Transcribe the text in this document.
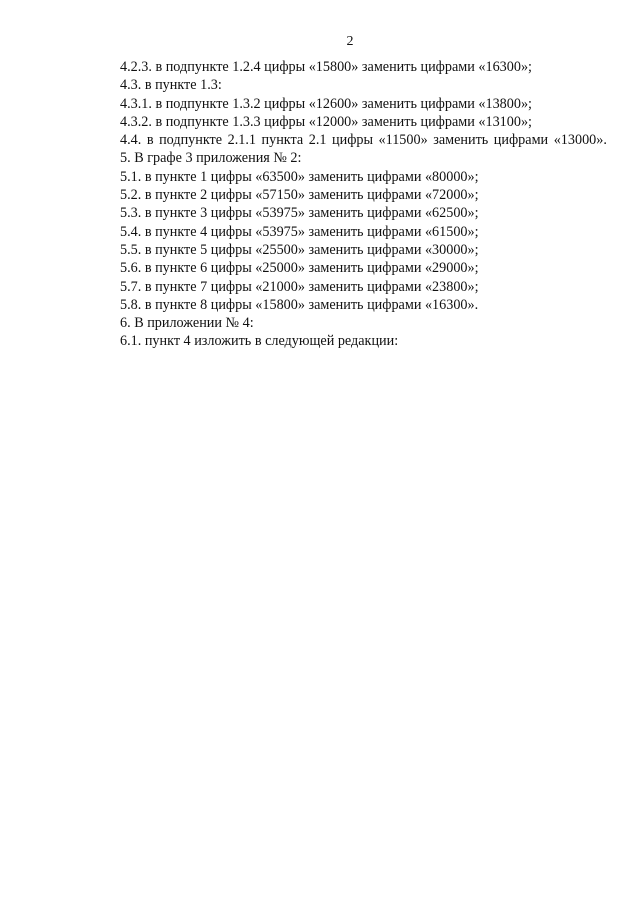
2

4.2.3. в подпункте 1.2.4 цифры «15800» заменить цифрами «16300»;

4.3. в пункте 1.3:

4.3.1. в подпункте 1.3.2 цифры «12600» заменить цифрами «13800»;

4.3.2. в подпункте 1.3.3 цифры «12000» заменить цифрами «13100»;

4.4. в подпункте 2.1.1 пункта 2.1 цифры «11500» заменить цифрами «13000».

5. В графе 3 приложения № 2:

5.1. в пункте 1 цифры «63500» заменить цифрами «80000»;

5.2. в пункте 2 цифры «57150» заменить цифрами «72000»;

5.3. в пункте 3 цифры «53975» заменить цифрами «62500»;

5.4. в пункте 4 цифры «53975» заменить цифрами «61500»;

5.5. в пункте 5 цифры «25500» заменить цифрами «30000»;

5.6. в пункте 6 цифры «25000» заменить цифрами «29000»;

5.7. в пункте 7 цифры «21000» заменить цифрами «23800»;

5.8. в пункте 8 цифры «15800» заменить цифрами «16300».

6. В приложении № 4:

6.1. пункт 4 изложить в следующей редакции:
